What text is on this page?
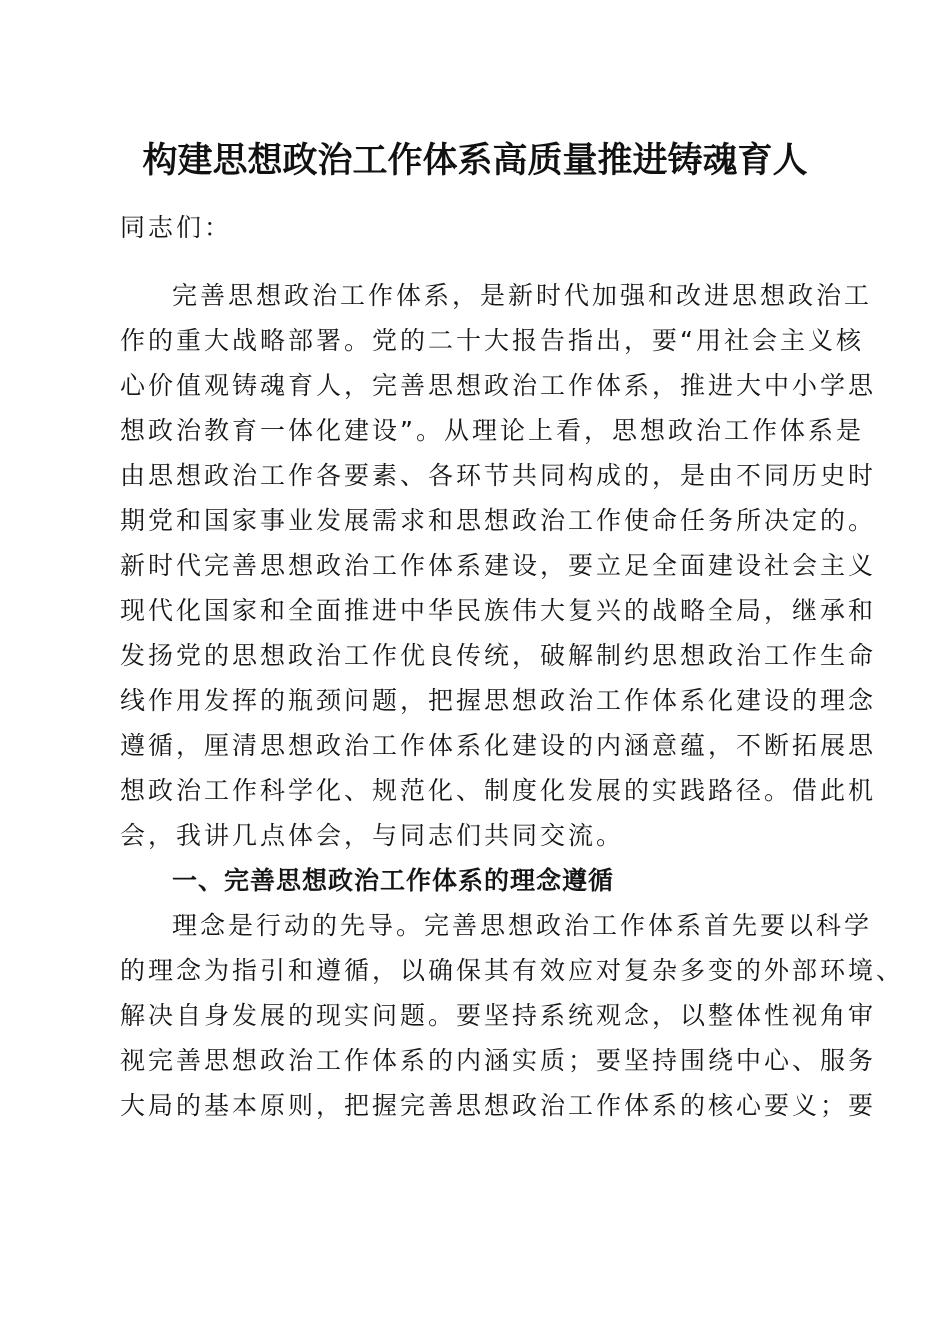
构建思想政治工作体系高质量推进铸魂育人
同志们：
完善思想政治工作体系，是新时代加强和改进思想政治工
作的重大战略部署。党的二十大报告指出，要“用社会主义核
心价值观铸魂育人，完善思想政治工作体系，推进大中小学思
想政治教育一体化建设”。从理论上看，思想政治工作体系是
由思想政治工作各要素、各环节共同构成的，是由不同历史时
期党和国家事业发展需求和思想政治工作使命任务所决定的。
新时代完善思想政治工作体系建设，要立足全面建设社会主义
现代化国家和全面推进中华民族伟大复兴的战略全局，继承和
发扬党的思想政治工作优良传统，破解制约思想政治工作生命
线作用发挥的瓶颈问题，把握思想政治工作体系化建设的理念
遵循，厘清思想政治工作体系化建设的内涵意蕴，不断拓展思
想政治工作科学化、规范化、制度化发展的实践路径。借此机
会，我讲几点体会，与同志们共同交流。
一、完善思想政治工作体系的理念遵循
理念是行动的先导。完善思想政治工作体系首先要以科学
的理念为指引和遵循，以确保其有效应对复杂多变的外部环境、
解决自身发展的现实问题。要坚持系统观念，以整体性视角审
视完善思想政治工作体系的内涵实质；要坚持围绕中心、服务
大局的基本原则，把握完善思想政治工作体系的核心要义；要
